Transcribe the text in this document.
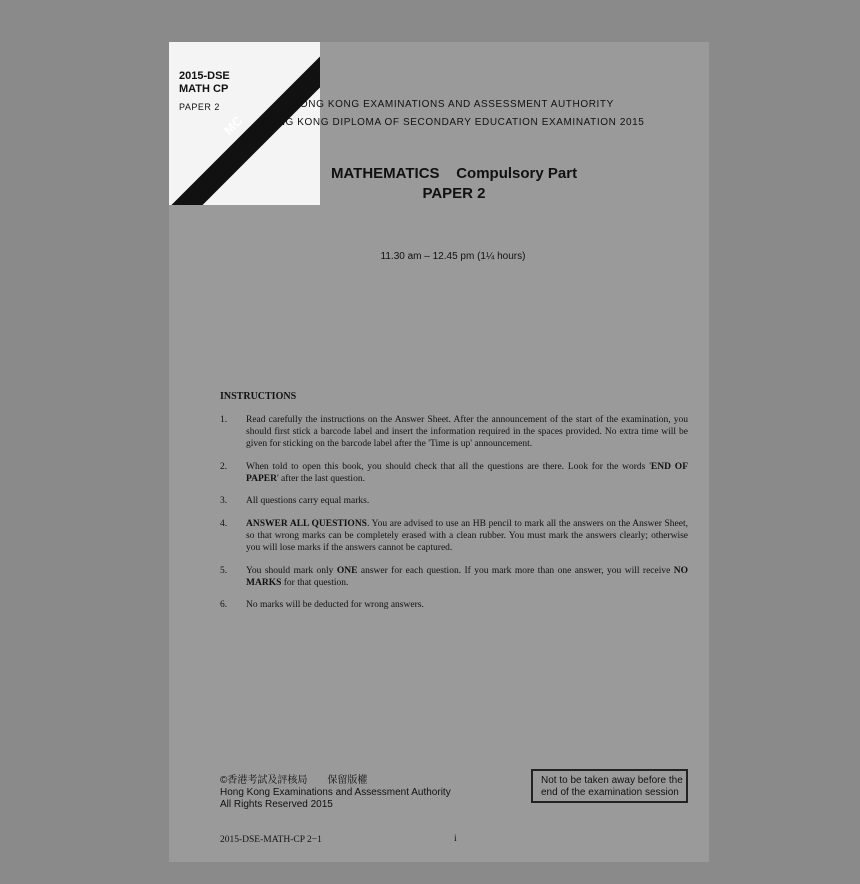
2015-DSE
MATH CP
PAPER 2
MC
HONG KONG EXAMINATIONS AND ASSESSMENT AUTHORITY
HONG KONG DIPLOMA OF SECONDARY EDUCATION EXAMINATION 2015
MATHEMATICS    Compulsory Part
PAPER 2
11.30 am – 12.45 pm (1¼ hours)
INSTRUCTIONS
1.	Read carefully the instructions on the Answer Sheet. After the announcement of the start of the examination, you should first stick a barcode label and insert the information required in the spaces provided. No extra time will be given for sticking on the barcode label after the 'Time is up' announcement.
2.	When told to open this book, you should check that all the questions are there. Look for the words 'END OF PAPER' after the last question.
3.	All questions carry equal marks.
4.	ANSWER ALL QUESTIONS. You are advised to use an HB pencil to mark all the answers on the Answer Sheet, so that wrong marks can be completely erased with a clean rubber. You must mark the answers clearly; otherwise you will lose marks if the answers cannot be captured.
5.	You should mark only ONE answer for each question. If you mark more than one answer, you will receive NO MARKS for that question.
6.	No marks will be deducted for wrong answers.
©香港考試及評核局　　保留版權
Hong Kong Examinations and Assessment Authority
All Rights Reserved 2015
Not to be taken away before the
end of the examination session
2015-DSE-MATH-CP 2−1	i
